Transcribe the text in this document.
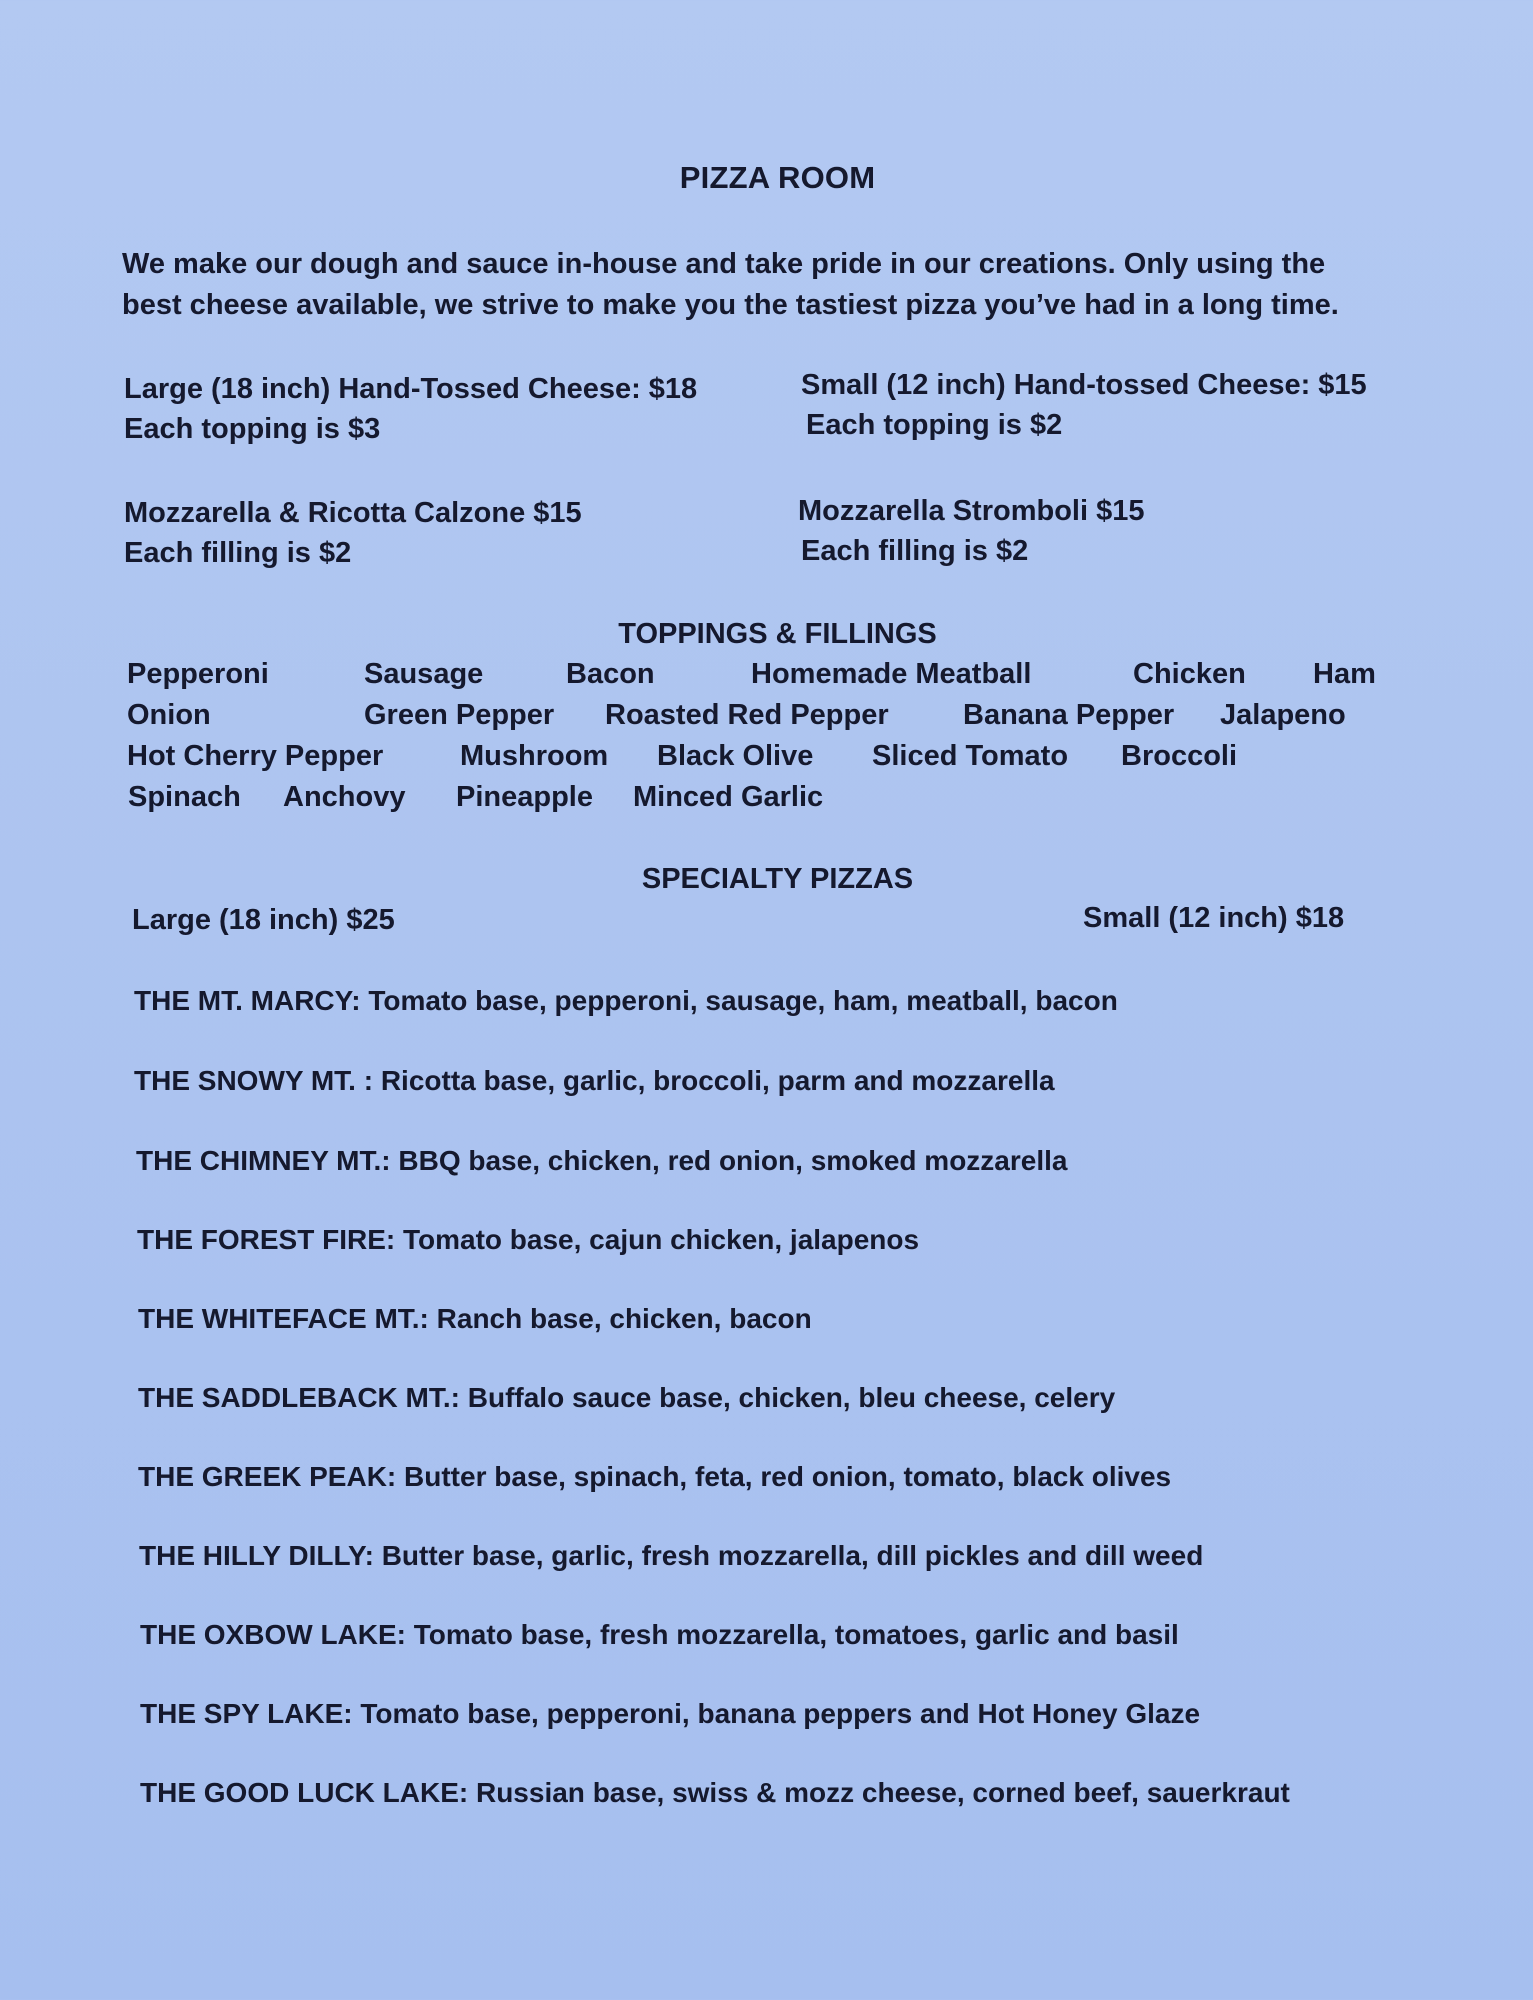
PIZZA ROOM
We make our dough and sauce in-house and take pride in our creations. Only using the
best cheese available, we strive to make you the tastiest pizza you’ve had in a long time.
Large (18 inch) Hand-Tossed Cheese: $18
Each topping is $3
Small (12 inch) Hand-tossed Cheese: $15
Each topping is $2
Mozzarella & Ricotta Calzone $15
Each filling is $2
Mozzarella Stromboli $15
Each filling is $2
TOPPINGS & FILLINGS
Pepperoni	Sausage	Bacon	Homemade Meatball	Chicken Ham
Onion	Green Pepper Roasted Red Pepper	Banana Pepper Jalapeno
Hot Cherry Pepper	Mushroom Black Olive Sliced Tomato Broccoli
Spinach Anchovy Pineapple Minced Garlic
SPECIALTY PIZZAS
Large (18 inch) $25	Small (12 inch) $18
THE MT. MARCY: Tomato base, pepperoni, sausage, ham, meatball, bacon
THE SNOWY MT. : Ricotta base, garlic, broccoli, parm and mozzarella
THE CHIMNEY MT.: BBQ base, chicken, red onion, smoked mozzarella
THE FOREST FIRE: Tomato base, cajun chicken, jalapenos
THE WHITEFACE MT.: Ranch base, chicken, bacon
THE SADDLEBACK MT.: Buffalo sauce base, chicken, bleu cheese, celery
THE GREEK PEAK: Butter base, spinach, feta, red onion, tomato, black olives
THE HILLY DILLY: Butter base, garlic, fresh mozzarella, dill pickles and dill weed
THE OXBOW LAKE: Tomato base, fresh mozzarella, tomatoes, garlic and basil
THE SPY LAKE: Tomato base, pepperoni, banana peppers and Hot Honey Glaze
THE GOOD LUCK LAKE: Russian base, swiss & mozz cheese, corned beef, sauerkraut
